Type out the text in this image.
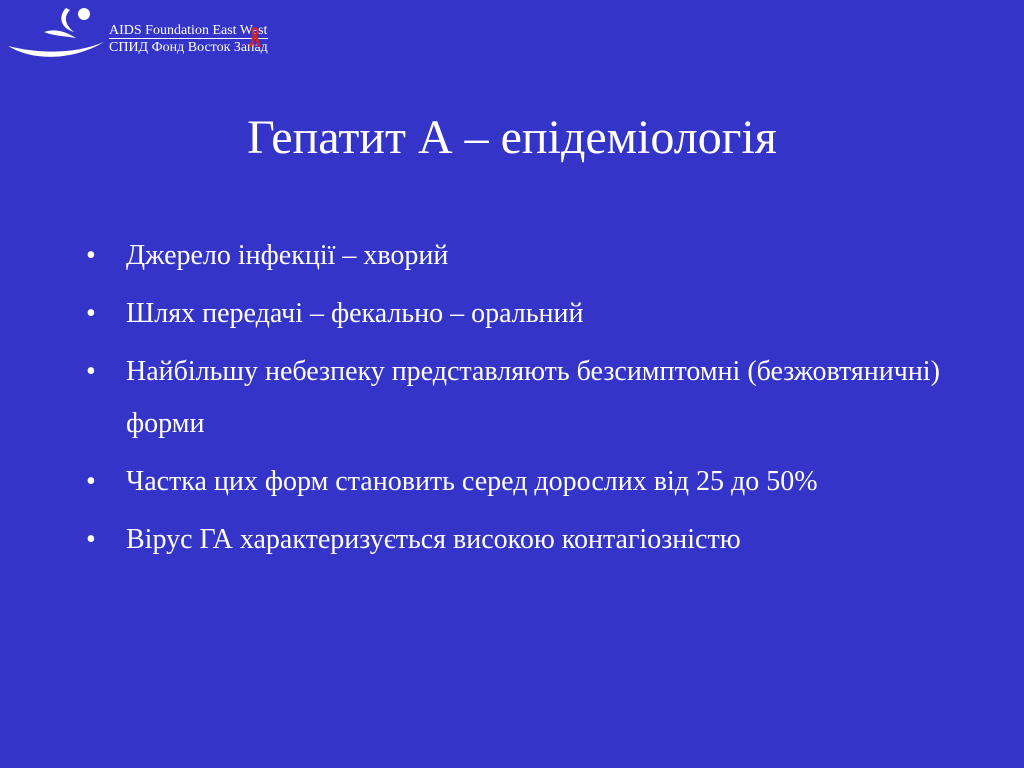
AIDS Foundation East West
СПИД Фонд Восток Запад
Гепатит А – епідеміологія
• Джерело інфекції – хворий
• Шлях передачі – фекально – оральний
• Найбільшу небезпеку представляють безсимптомні (безжовтяничні) форми
• Частка цих форм становить серед дорослих від 25 до 50%
• Вірус ГА характеризується високою контагіозністю
